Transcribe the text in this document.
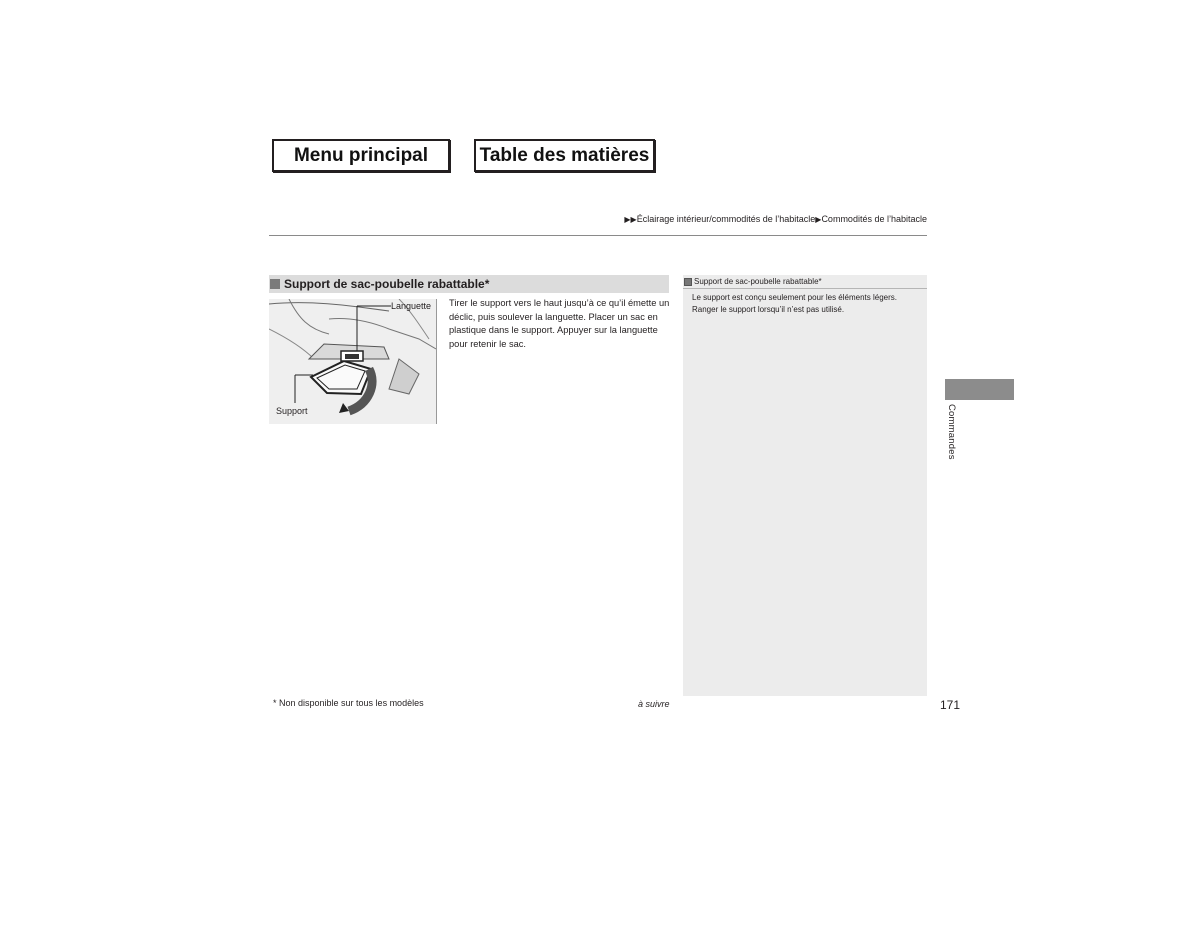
Menu principal	Table des matières
▶▶Éclairage intérieur/commodités de l’habitacle▶Commodités de l’habitacle
Support de sac-poubelle rabattable *
Languette
Support
Tirer le support vers le haut jusqu’à ce qu’il émette un déclic, puis soulever la languette. Placer un sac en plastique dans le support. Appuyer sur la languette pour retenir le sac.
Support de sac-poubelle rabattable *
Le support est conçu seulement pour les éléments légers.
Ranger le support lorsqu’il n’est pas utilisé.
Commandes
* Non disponible sur tous les modèles	à suivre	171
